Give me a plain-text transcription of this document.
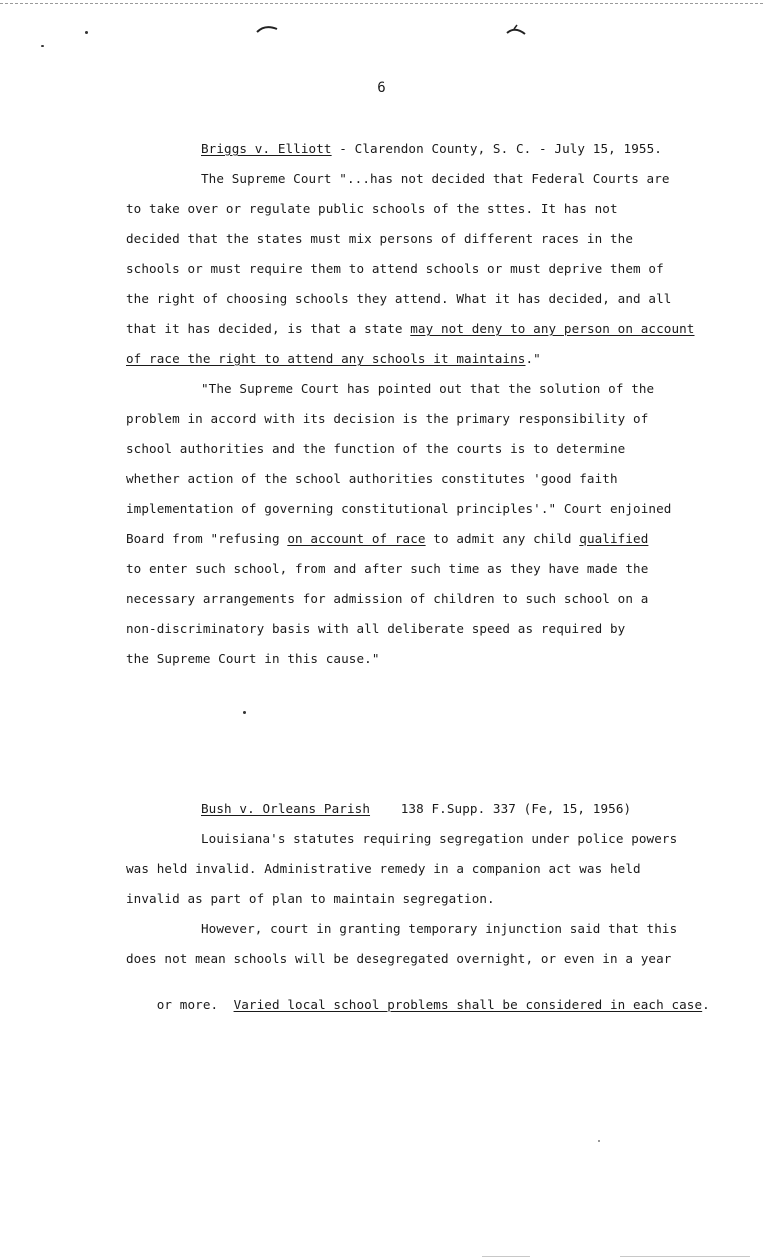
6
Briggs v. Elliott - Clarendon County, S. C. - July 15, 1955.
The Supreme Court "...has not decided that Federal Courts are
to take over or regulate public schools of the sttes. It has not
decided that the states must mix persons of different races in the
schools or must require them to attend schools or must deprive them of
the right of choosing schools they attend. What it has decided, and all
that it has decided, is that a state may not deny to any person on account
of race the right to attend any schools it maintains."
"The Supreme Court has pointed out that the solution of the
problem in accord with its decision is the primary responsibility of
school authorities and the function of the courts is to determine
whether action of the school authorities constitutes 'good faith
implementation of governing constitutional principles'." Court enjoined
Board from "refusing on account of race to admit any child qualified
to enter such school, from and after such time as they have made the
necessary arrangements for admission of children to such school on a
non-discriminatory basis with all deliberate speed as required by
the Supreme Court in this cause."
Bush v. Orleans Parish    138 F.Supp. 337 (Fe, 15, 1956)
Louisiana's statutes requiring segregation under police powers
was held invalid. Administrative remedy in a companion act was held
invalid as part of plan to maintain segregation.
However, court in granting temporary injunction said that this
does not mean schools will be desegregated overnight, or even in a year

or more.  Varied local school problems shall be considered in each case.
